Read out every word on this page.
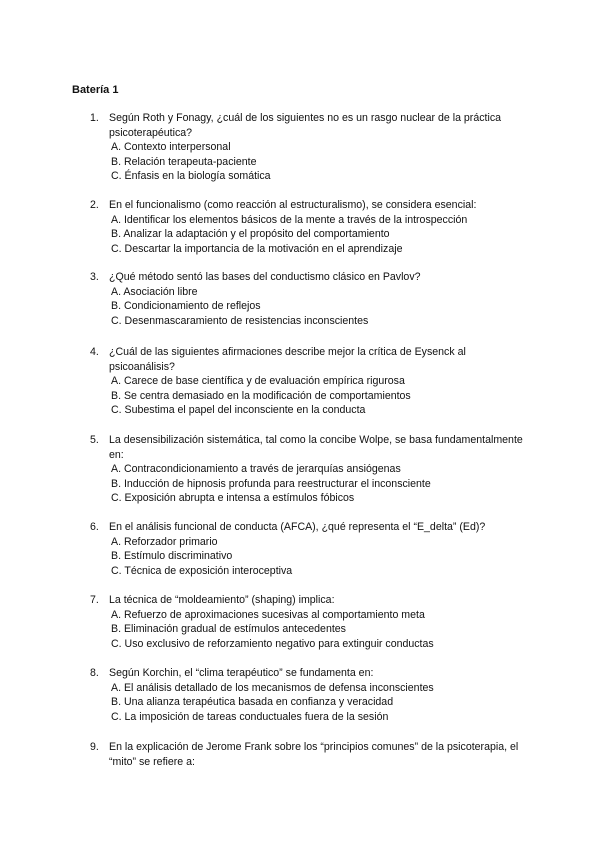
Batería 1
1. Según Roth y Fonagy, ¿cuál de los siguientes no es un rasgo nuclear de la práctica psicoterapéutica?
A. Contexto interpersonal
B. Relación terapeuta-paciente
C. Énfasis en la biología somática
2. En el funcionalismo (como reacción al estructuralismo), se considera esencial:
A. Identificar los elementos básicos de la mente a través de la introspección
B. Analizar la adaptación y el propósito del comportamiento
C. Descartar la importancia de la motivación en el aprendizaje
3. ¿Qué método sentó las bases del conductismo clásico en Pavlov?
A. Asociación libre
B. Condicionamiento de reflejos
C. Desenmascaramiento de resistencias inconscientes
4. ¿Cuál de las siguientes afirmaciones describe mejor la crítica de Eysenck al psicoanálisis?
A. Carece de base científica y de evaluación empírica rigurosa
B. Se centra demasiado en la modificación de comportamientos
C. Subestima el papel del inconsciente en la conducta
5. La desensibilización sistemática, tal como la concibe Wolpe, se basa fundamentalmente en:
A. Contracondicionamiento a través de jerarquías ansiógenas
B. Inducción de hipnosis profunda para reestructurar el inconsciente
C. Exposición abrupta e intensa a estímulos fóbicos
6. En el análisis funcional de conducta (AFCA), ¿qué representa el “E_delta” (Ed)?
A. Reforzador primario
B. Estímulo discriminativo
C. Técnica de exposición interoceptiva
7. La técnica de “moldeamiento” (shaping) implica:
A. Refuerzo de aproximaciones sucesivas al comportamiento meta
B. Eliminación gradual de estímulos antecedentes
C. Uso exclusivo de reforzamiento negativo para extinguir conductas
8. Según Korchin, el “clima terapéutico” se fundamenta en:
A. El análisis detallado de los mecanismos de defensa inconscientes
B. Una alianza terapéutica basada en confianza y veracidad
C. La imposición de tareas conductuales fuera de la sesión
9. En la explicación de Jerome Frank sobre los “principios comunes” de la psicoterapia, el “mito” se refiere a:
